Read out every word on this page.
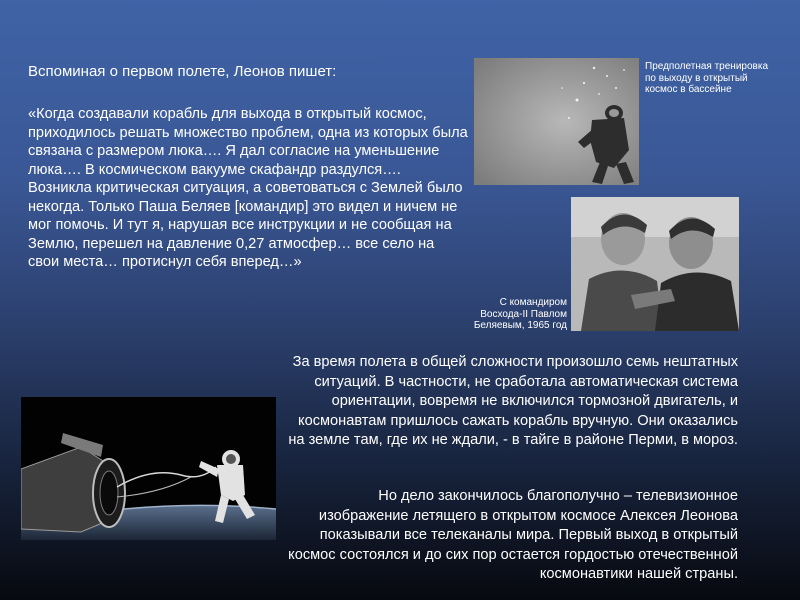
Вспоминая о первом полете, Леонов пишет:

«Когда создавали корабль для выхода в открытый космос, приходилось решать множество проблем, одна из которых была связана с размером люка…. Я дал согласие на уменьшение люка…. В космическом вакууме скафандр раздулся…. Возникла критическая ситуация, а советоваться с Землей было некогда. Только Паша Беляев [командир] это видел и ничем не мог помочь. И тут я, нарушая все инструкции и не сообщая на Землю, перешел на давление 0,27 атмосфер… все село на свои места… протиснул себя вперед…»

Предполетная тренировка по выходу в открытый космос в бассейне
С командиром Восхода-II Павлом Беляевым, 1965 год

За время полета в общей сложности произошло семь нештатных ситуаций. В частности, не сработала автоматическая система ориентации, вовремя не включился тормозной двигатель, и космонавтам пришлось сажать корабль вручную. Они оказались на земле там, где их не ждали, - в тайге в районе Перми, в мороз.

Но дело закончилось благополучно – телевизионное изображение летящего в открытом космосе Алексея Леонова показывали все телеканалы мира. Первый выход в открытый космос состоялся и до сих пор остается гордостью отечественной космонавтики нашей страны.
